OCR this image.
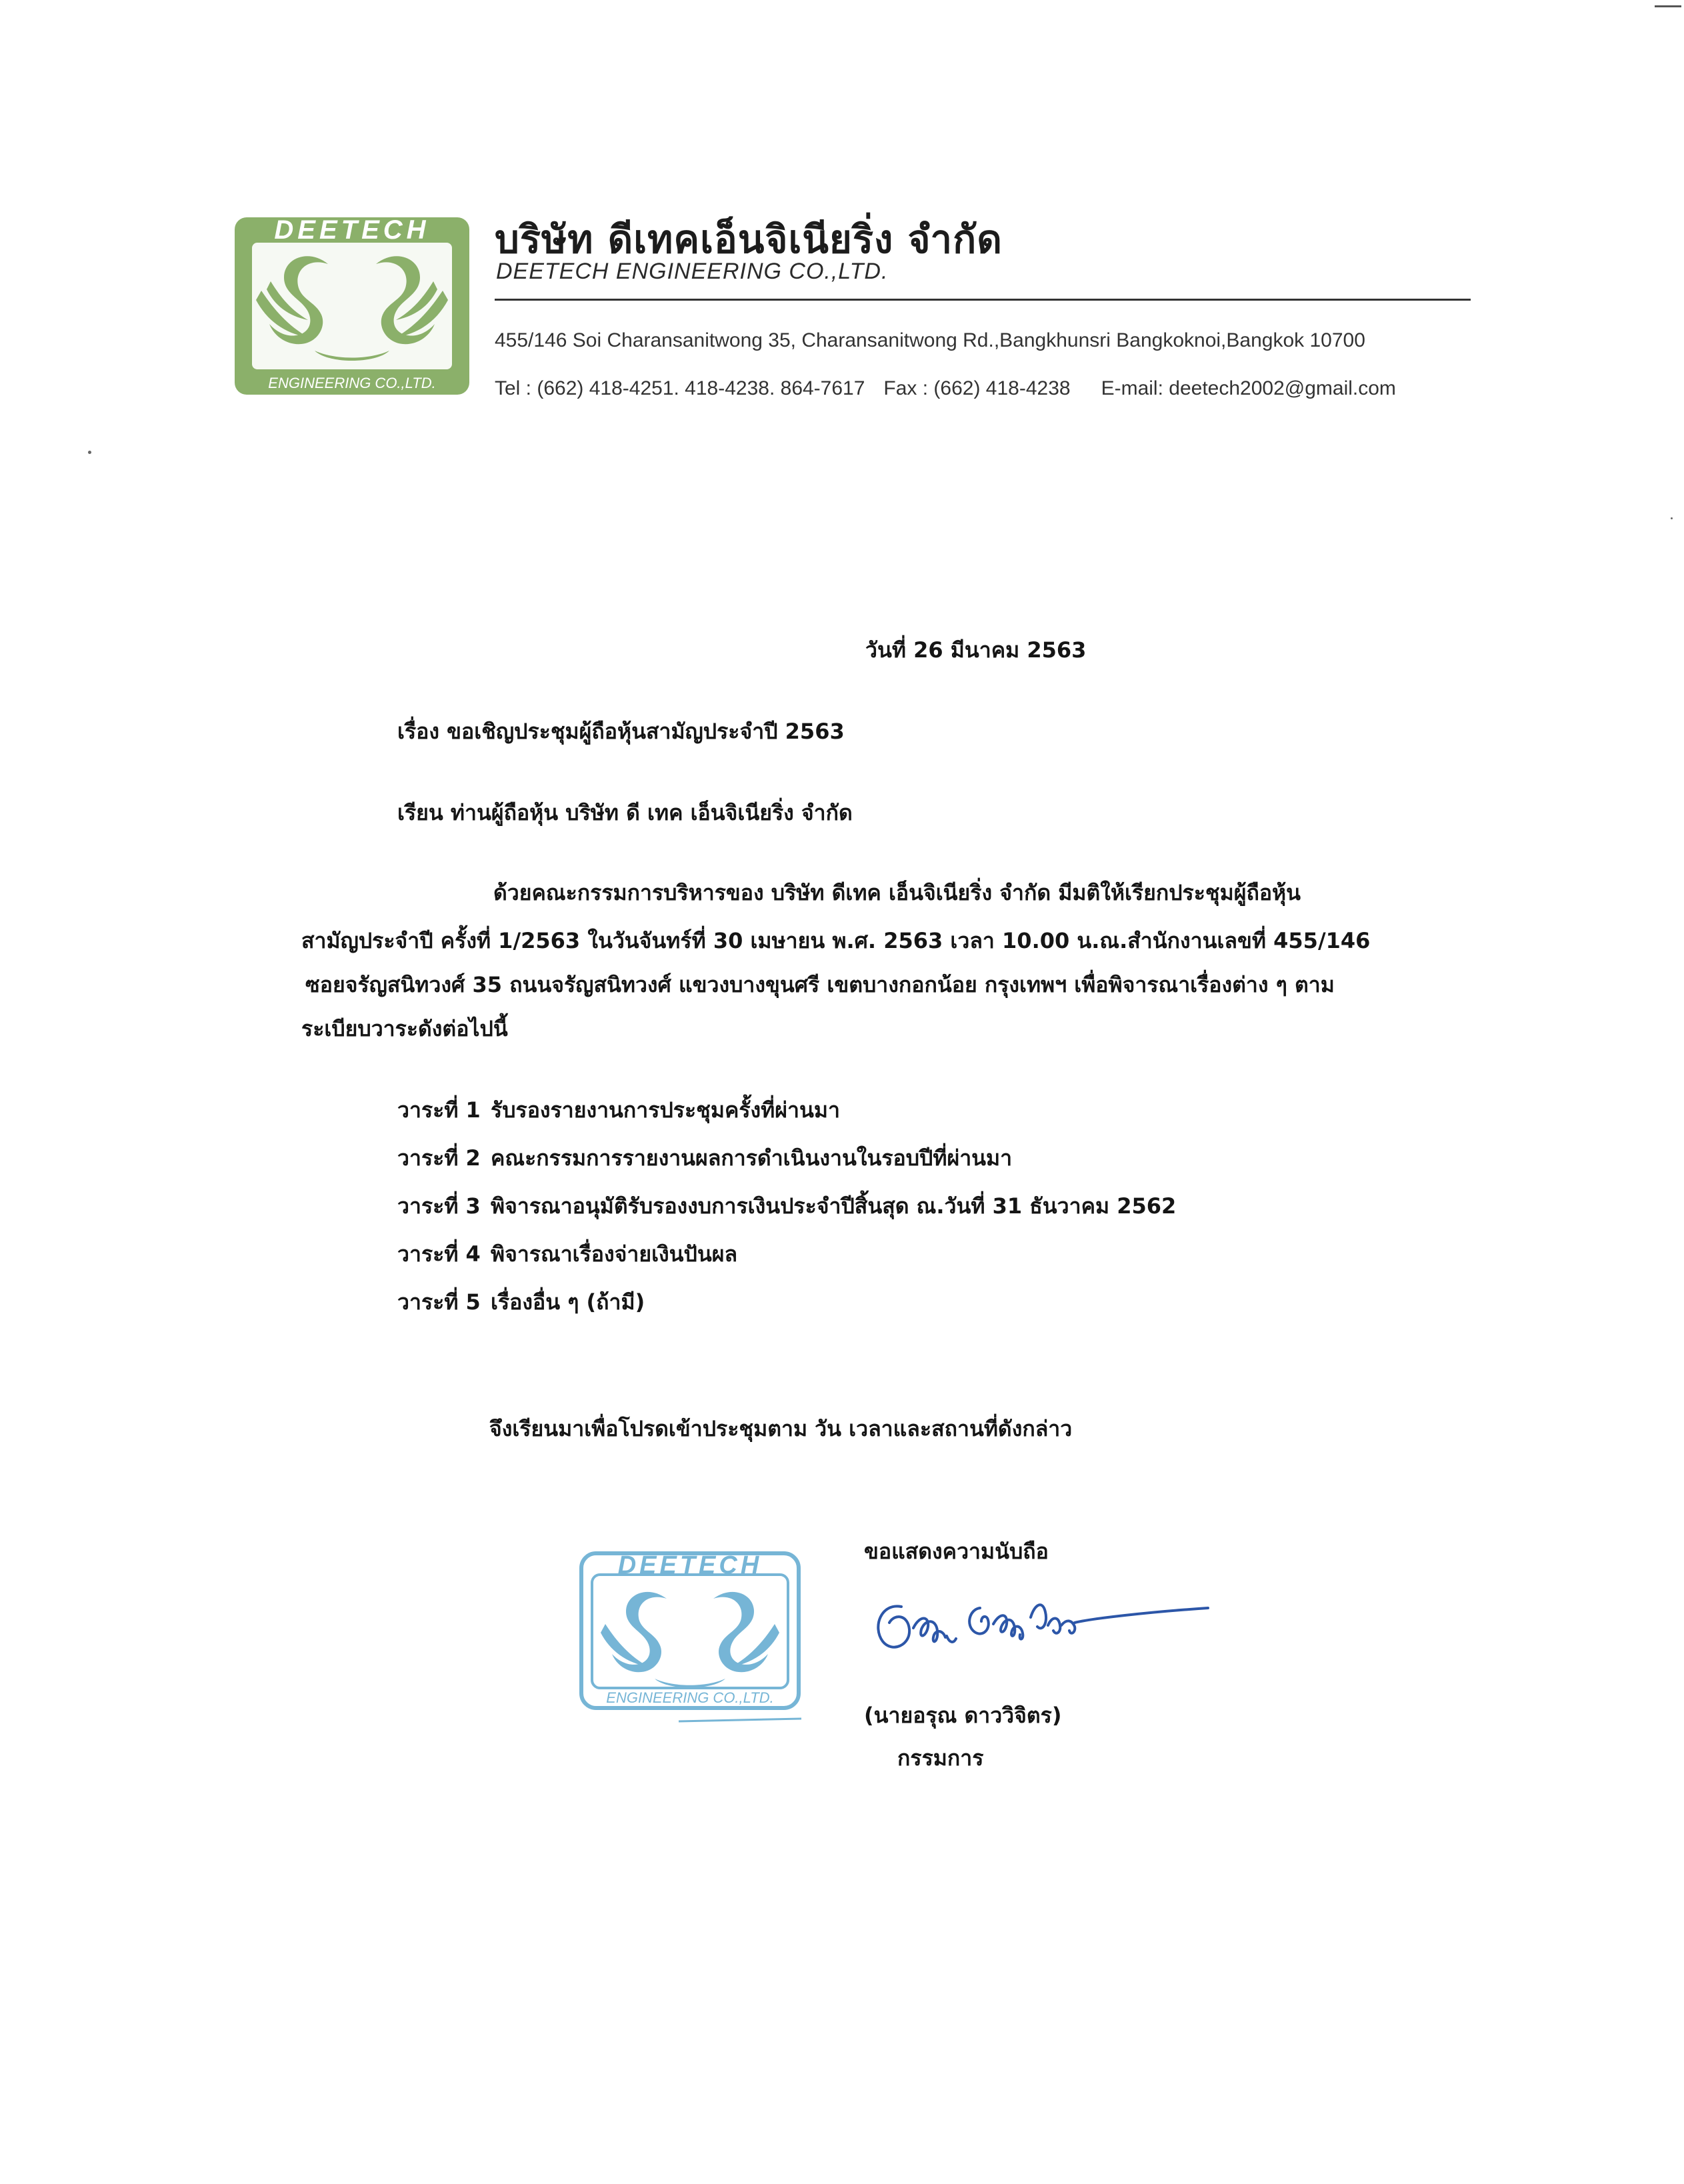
DEETECH
ENGINEERING CO.,LTD.
บริษัท ดีเทคเอ็นจิเนียริ่ง จำกัด
DEETECH ENGINEERING CO.,LTD.
455/146 Soi Charansanitwong 35, Charansanitwong Rd.,Bangkhunsri Bangkoknoi,Bangkok 10700
Tel : (662) 418-4251. 418-4238. 864-7617 Fax : (662) 418-4238 E-mail: deetech2002@gmail.com
วันที่ 26 มีนาคม 2563
เรื่อง ขอเชิญประชุมผู้ถือหุ้นสามัญประจำปี 2563
เรียน ท่านผู้ถือหุ้น บริษัท ดี เทค เอ็นจิเนียริ่ง จำกัด
ด้วยคณะกรรมการบริหารของ บริษัท ดีเทค เอ็นจิเนียริ่ง จำกัด มีมติให้เรียกประชุมผู้ถือหุ้น
สามัญประจำปี ครั้งที่ 1/2563 ในวันจันทร์ที่ 30 เมษายน พ.ศ. 2563 เวลา 10.00 น.ณ.สำนักงานเลขที่ 455/146
ซอยจรัญสนิทวงศ์ 35 ถนนจรัญสนิทวงศ์ แขวงบางขุนศรี เขตบางกอกน้อย กรุงเทพฯ เพื่อพิจารณาเรื่องต่าง ๆ ตาม
ระเบียบวาระดังต่อไปนี้
วาระที่ 1 รับรองรายงานการประชุมครั้งที่ผ่านมา
วาระที่ 2 คณะกรรมการรายงานผลการดำเนินงานในรอบปีที่ผ่านมา
วาระที่ 3 พิจารณาอนุมัติรับรองงบการเงินประจำปีสิ้นสุด ณ.วันที่ 31 ธันวาคม 2562
วาระที่ 4 พิจารณาเรื่องจ่ายเงินปันผล
วาระที่ 5 เรื่องอื่น ๆ (ถ้ามี)
จึงเรียนมาเพื่อโปรดเข้าประชุมตาม วัน เวลาและสถานที่ดังกล่าว
ขอแสดงความนับถือ
DEETECH
ENGINEERING CO.,LTD.
(นายอรุณ ดาววิจิตร)
กรรมการ
